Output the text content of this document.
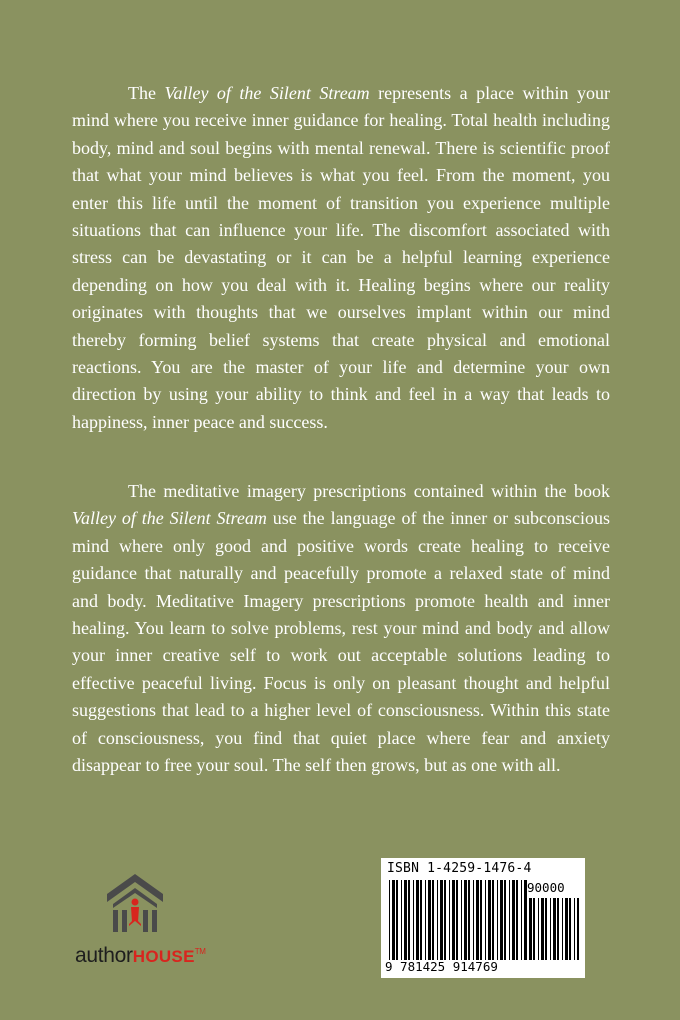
The Valley of the Silent Stream represents a place within your mind where you receive inner guidance for healing. Total health including body, mind and soul begins with mental renewal. There is scientific proof that what your mind believes is what you feel. From the moment, you enter this life until the moment of transition you experience multiple situations that can influence your life. The discomfort associated with stress can be devastating or it can be a helpful learning experience depending on how you deal with it. Healing begins where our reality originates with thoughts that we ourselves implant within our mind thereby forming belief systems that create physical and emotional reactions. You are the master of your life and determine your own direction by using your ability to think and feel in a way that leads to happiness, inner peace and success.

The meditative imagery prescriptions contained within the book Valley of the Silent Stream use the language of the inner or subconscious mind where only good and positive words create healing to receive guidance that naturally and peacefully promote a relaxed state of mind and body. Meditative Imagery prescriptions promote health and inner healing. You learn to solve problems, rest your mind and body and allow your inner creative self to work out acceptable solutions leading to effective peaceful living. Focus is only on pleasant thought and helpful suggestions that lead to a higher level of consciousness. Within this state of consciousness, you find that quiet place where fear and anxiety disappear to free your soul. The self then grows, but as one with all.

authorHOUSE™
ISBN 1-4259-1476-4
90000
9 781425 914769
